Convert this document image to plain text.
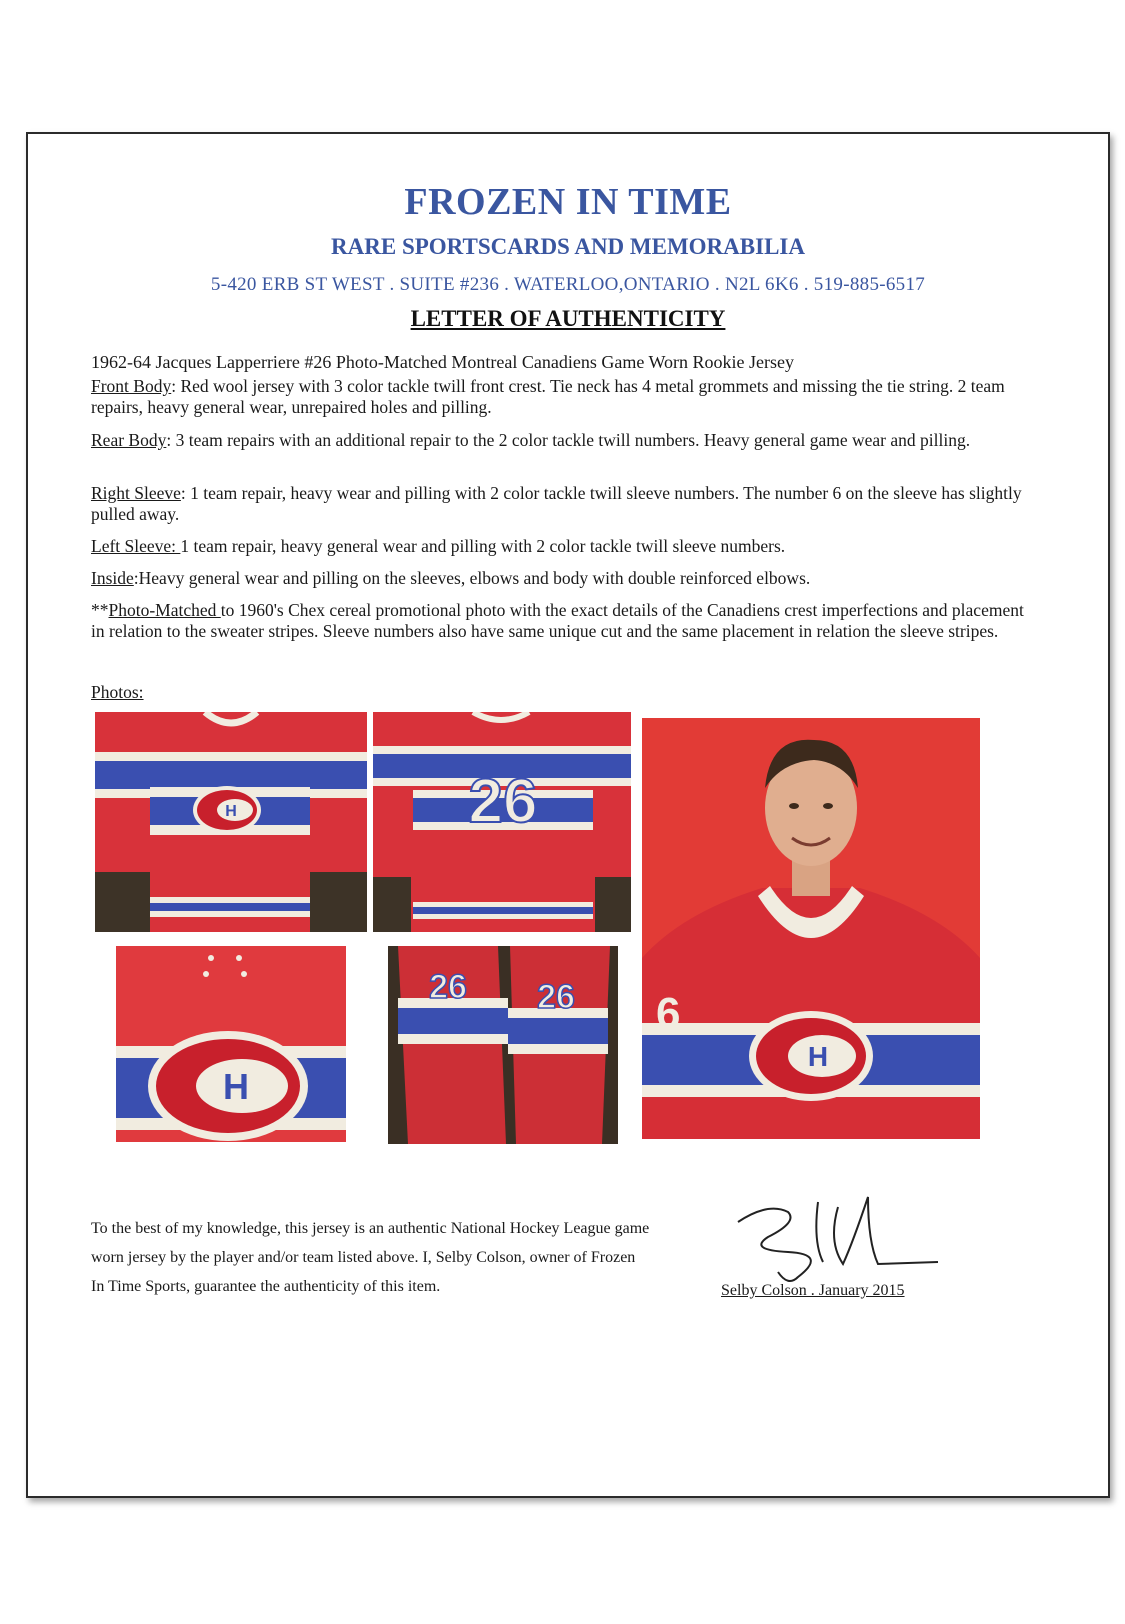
FROZEN IN TIME
RARE SPORTSCARDS AND MEMORABILIA
5-420 ERB ST WEST . SUITE #236 . WATERLOO,ONTARIO . N2L 6K6 . 519-885-6517
LETTER OF AUTHENTICITY
1962-64 Jacques Lapperriere #26 Photo-Matched Montreal Canadiens Game Worn Rookie Jersey
Front Body: Red wool jersey with 3 color tackle twill front crest. Tie neck has 4 metal grommets and missing the tie string. 2 team repairs, heavy general wear, unrepaired holes and pilling.
Rear Body: 3 team repairs with an additional repair to the 2 color tackle twill numbers. Heavy general game wear and pilling.
Right Sleeve: 1 team repair, heavy wear and pilling with 2 color tackle twill sleeve numbers. The number 6 on the sleeve has slightly pulled away.
Left Sleeve: 1 team repair, heavy general wear and pilling with 2 color tackle twill sleeve numbers.
Inside:Heavy general wear and pilling on the sleeves, elbows and body with double reinforced elbows.
**Photo-Matched to 1960's Chex cereal promotional photo with the exact details of the Canadiens crest imperfections and placement in relation to the sweater stripes. Sleeve numbers also have same unique cut and the same placement in relation the sleeve stripes.
Photos:
H	26
H
6
H
26 26
To the best of my knowledge, this jersey is an authentic National Hockey League game worn jersey by the player and/or team listed above. I, Selby Colson, owner of Frozen In Time Sports, guarantee the authenticity of this item.	Selby Colson . January 2015
